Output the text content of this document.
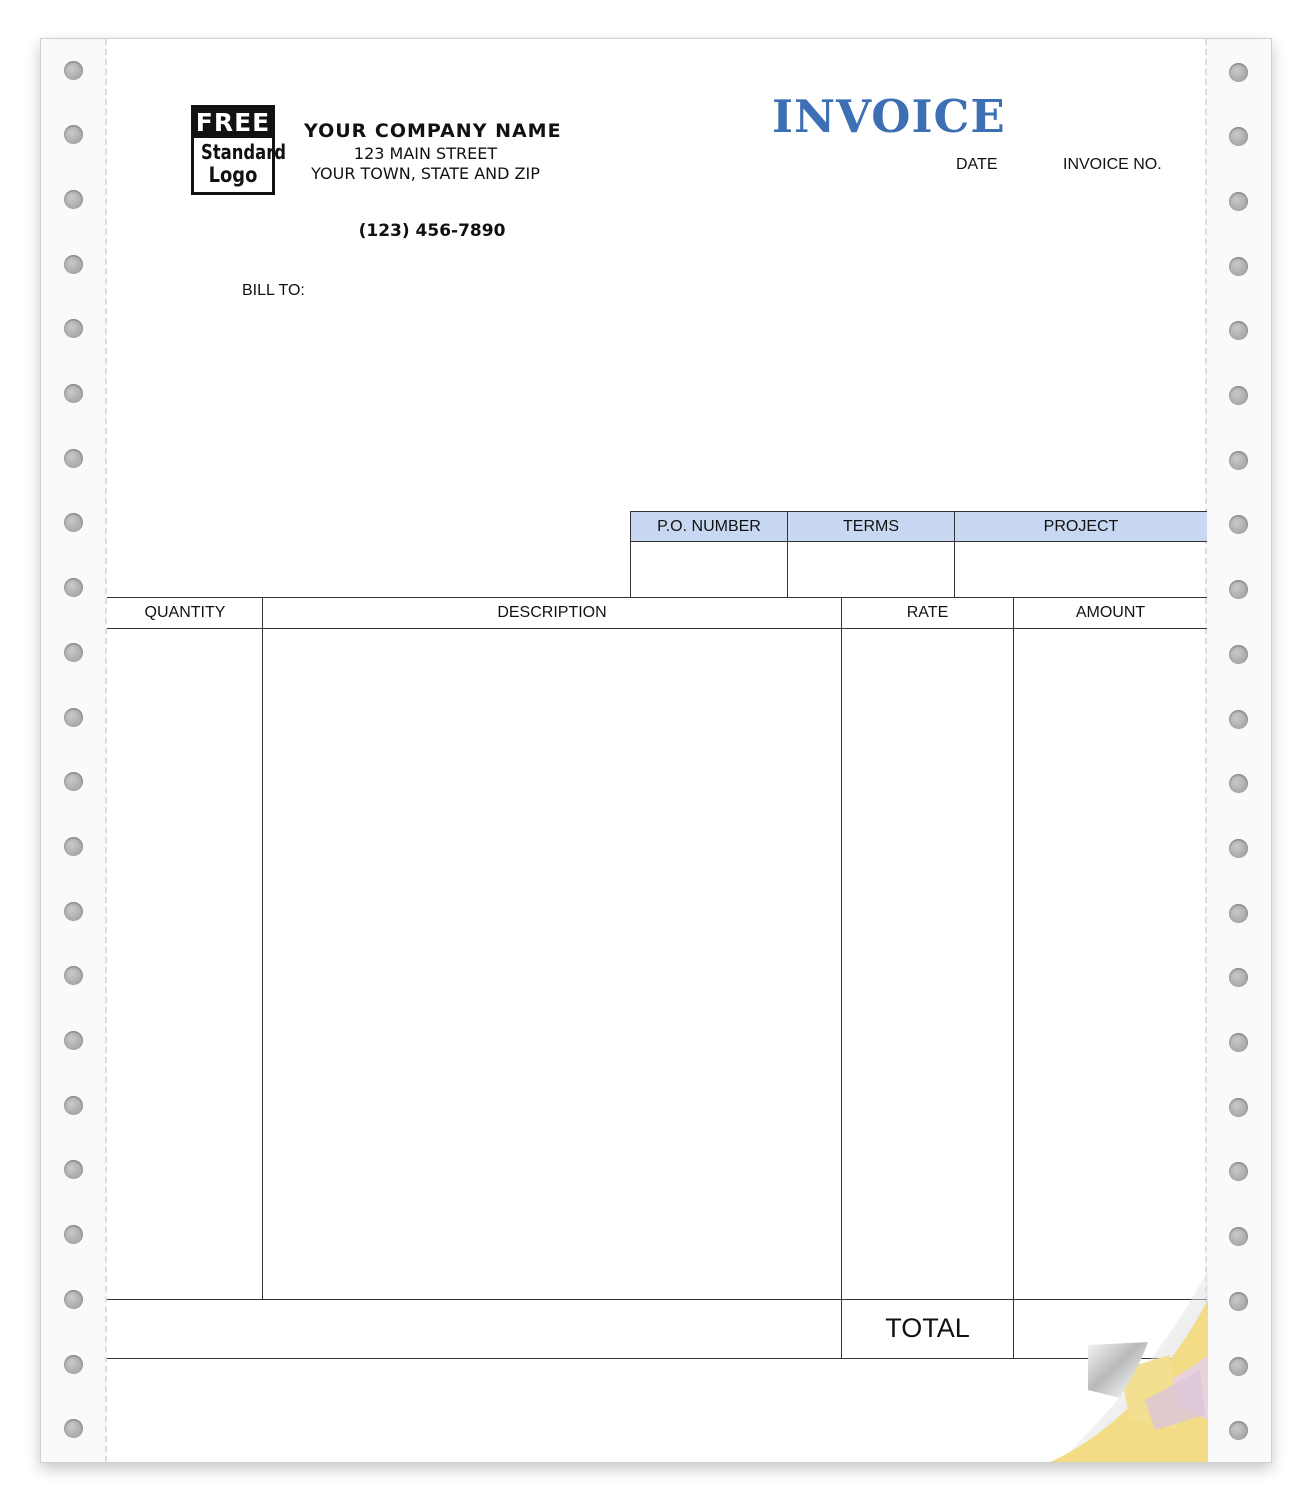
FREE
Standard
Logo
YOUR COMPANY NAME
123 MAIN STREET
YOUR TOWN, STATE AND ZIP
(123) 456-7890
INVOICE
DATE	INVOICE NO.
BILL TO:
P.O. NUMBER	TERMS	PROJECT
QUANTITY	DESCRIPTION	RATE	AMOUNT
TOTAL
